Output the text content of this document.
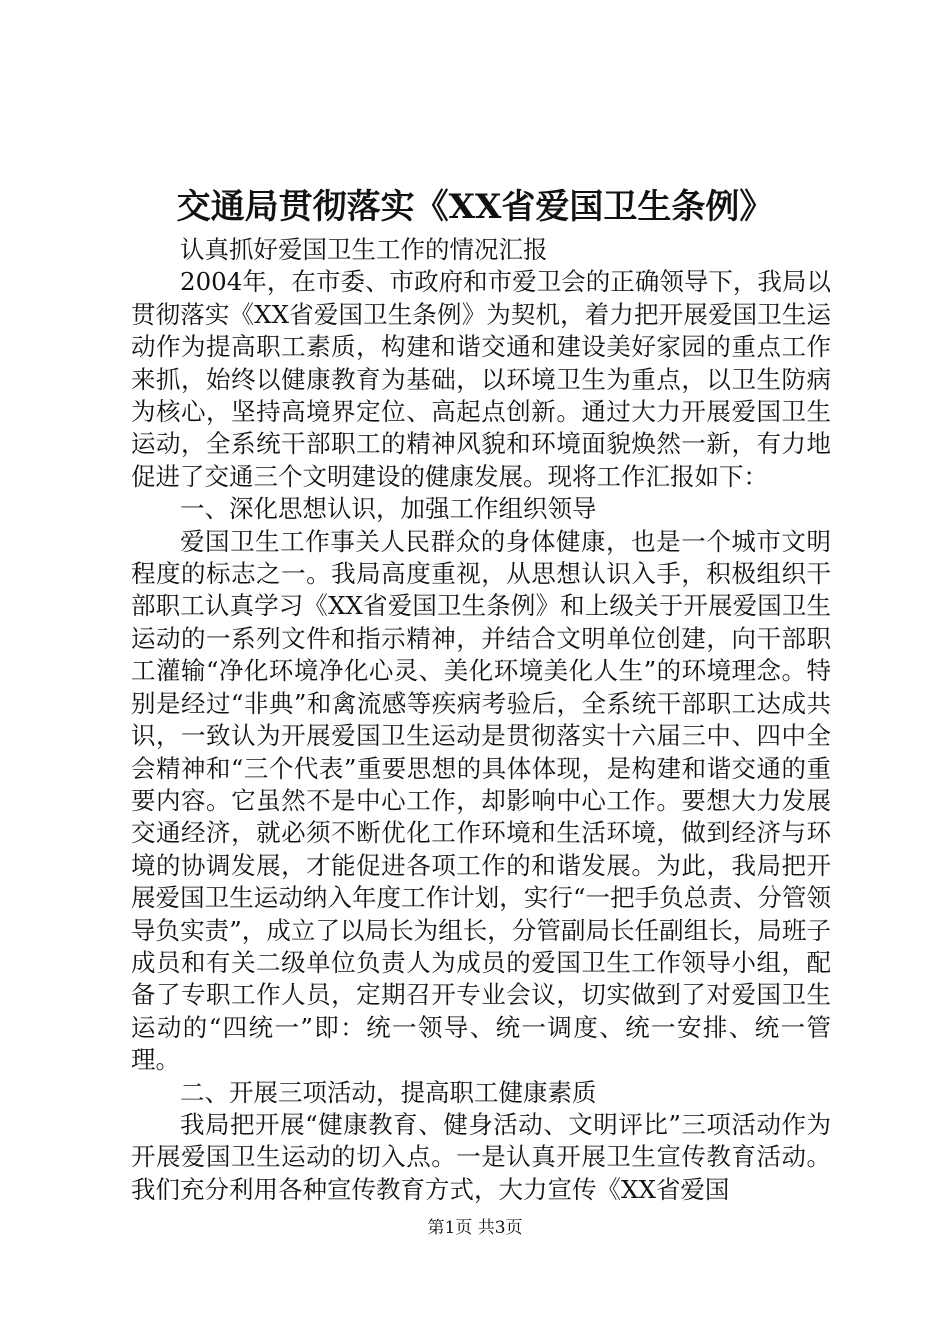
交通局贯彻落实《XX省爱国卫生条例》

认真抓好爱国卫生工作的情况汇报

2004年，在市委、市政府和市爱卫会的正确领导下，我局以贯彻落实《XX省爱国卫生条例》为契机，着力把开展爱国卫生运动作为提高职工素质，构建和谐交通和建设美好家园的重点工作来抓，始终以健康教育为基础，以环境卫生为重点，以卫生防病为核心，坚持高境界定位、高起点创新。通过大力开展爱国卫生运动，全系统干部职工的精神风貌和环境面貌焕然一新，有力地促进了交通三个文明建设的健康发展。现将工作汇报如下：

一、深化思想认识，加强工作组织领导

爱国卫生工作事关人民群众的身体健康，也是一个城市文明程度的标志之一。我局高度重视，从思想认识入手，积极组织干部职工认真学习《XX省爱国卫生条例》和上级关于开展爱国卫生运动的一系列文件和指示精神，并结合文明单位创建，向干部职工灌输“净化环境净化心灵、美化环境美化人生”的环境理念。特别是经过“非典”和禽流感等疾病考验后，全系统干部职工达成共识，一致认为开展爱国卫生运动是贯彻落实十六届三中、四中全会精神和“三个代表”重要思想的具体体现，是构建和谐交通的重要内容。它虽然不是中心工作，却影响中心工作。要想大力发展交通经济，就必须不断优化工作环境和生活环境，做到经济与环境的协调发展，才能促进各项工作的和谐发展。为此，我局把开展爱国卫生运动纳入年度工作计划，实行“一把手负总责、分管领导负实责”，成立了以局长为组长，分管副局长任副组长，局班子成员和有关二级单位负责人为成员的爱国卫生工作领导小组，配备了专职工作人员，定期召开专业会议，切实做到了对爱国卫生运动的“四统一”即：统一领导、统一调度、统一安排、统一管理。

二、开展三项活动，提高职工健康素质

我局把开展“健康教育、健身活动、文明评比”三项活动作为开展爱国卫生运动的切入点。一是认真开展卫生宣传教育活动。我们充分利用各种宣传教育方式，大力宣传《XX省爱国

第1页 共3页
